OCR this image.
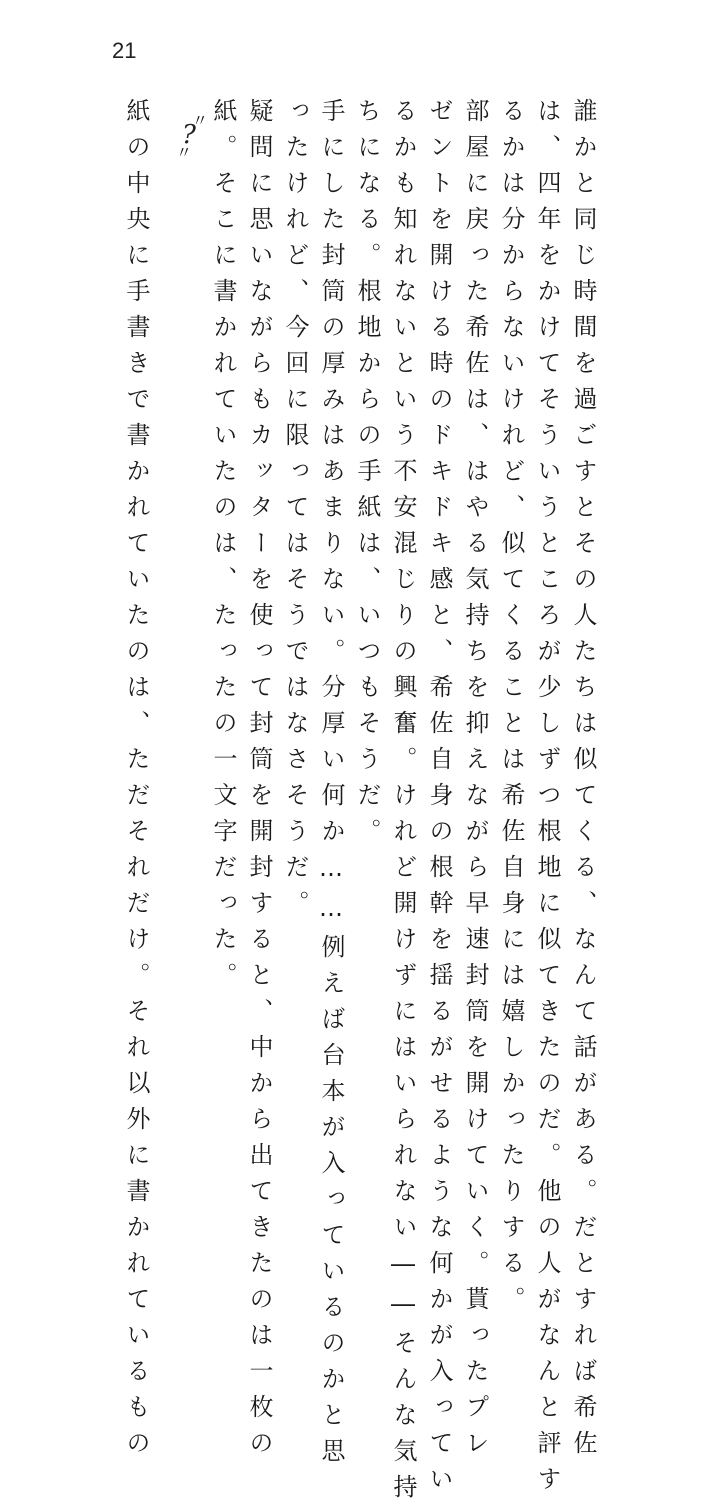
21
誰かと同じ時間を過ごすとその人たちは似てくる、なんて話がある。だとすれば希佐
は、四年をかけてそういうところが少しずつ根地に似てきたのだ。他の人がなんと評す
るかは分からないけれど、似てくることは希佐自身には嬉しかったりする。
部屋に戻った希佐は、はやる気持ちを抑えながら早速封筒を開けていく。貰ったプレ
ゼントを開ける時のドキドキ感と、希佐自身の根幹を揺るがせるような何かが入ってい
るかも知れないという不安混じりの興奮。けれど開けずにはいられない――そんな気持
ちになる。根地からの手紙は、いつもそうだ。
手にした封筒の厚みはあまりない。分厚い何か……例えば台本が入っているのかと思
ったけれど、今回に限ってはそうではなさそうだ。
疑問に思いながらもカッターを使って封筒を開封すると、中から出てきたのは一枚の
紙。そこに書かれていたのは、たったの一文字だった。
〃
?
〃
紙の中央に手書きで書かれていたのは、ただそれだけ。それ以外に書かれているもの
